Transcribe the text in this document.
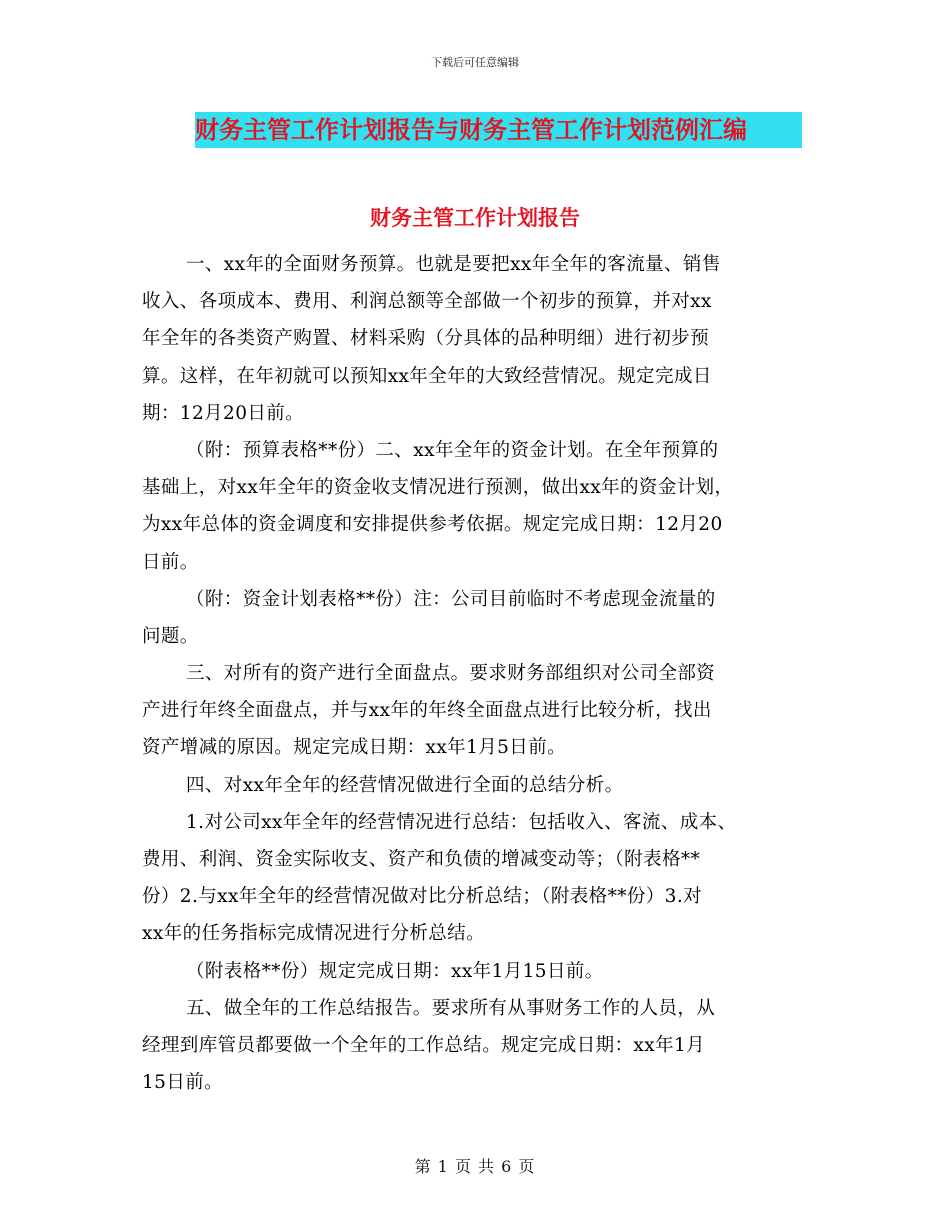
下载后可任意编辑
财务主管工作计划报告与财务主管工作计划范例汇编
财务主管工作计划报告
一、xx年的全面财务预算。也就是要把xx年全年的客流量、销售
收入、各项成本、费用、利润总额等全部做一个初步的预算，并对xx
年全年的各类资产购置、材料采购（分具体的品种明细）进行初步预
算。这样，在年初就可以预知xx年全年的大致经营情况。规定完成日
期：12月20日前。
（附：预算表格**份）二、xx年全年的资金计划。在全年预算的
基础上，对xx年全年的资金收支情况进行预测，做出xx年的资金计划，
为xx年总体的资金调度和安排提供参考依据。规定完成日期：12月20
日前。
（附：资金计划表格**份）注：公司目前临时不考虑现金流量的
问题。
三、对所有的资产进行全面盘点。要求财务部组织对公司全部资
产进行年终全面盘点，并与xx年的年终全面盘点进行比较分析，找出
资产增减的原因。规定完成日期：xx年1月5日前。
四、对xx年全年的经营情况做进行全面的总结分析。
1.对公司xx年全年的经营情况进行总结：包括收入、客流、成本、
费用、利润、资金实际收支、资产和负债的增减变动等；（附表格**
份）2.与xx年全年的经营情况做对比分析总结；（附表格**份）3.对
xx年的任务指标完成情况进行分析总结。
（附表格**份）规定完成日期：xx年1月15日前。
五、做全年的工作总结报告。要求所有从事财务工作的人员，从
经理到库管员都要做一个全年的工作总结。规定完成日期：xx年1月
15日前。
第 1 页 共 6 页
